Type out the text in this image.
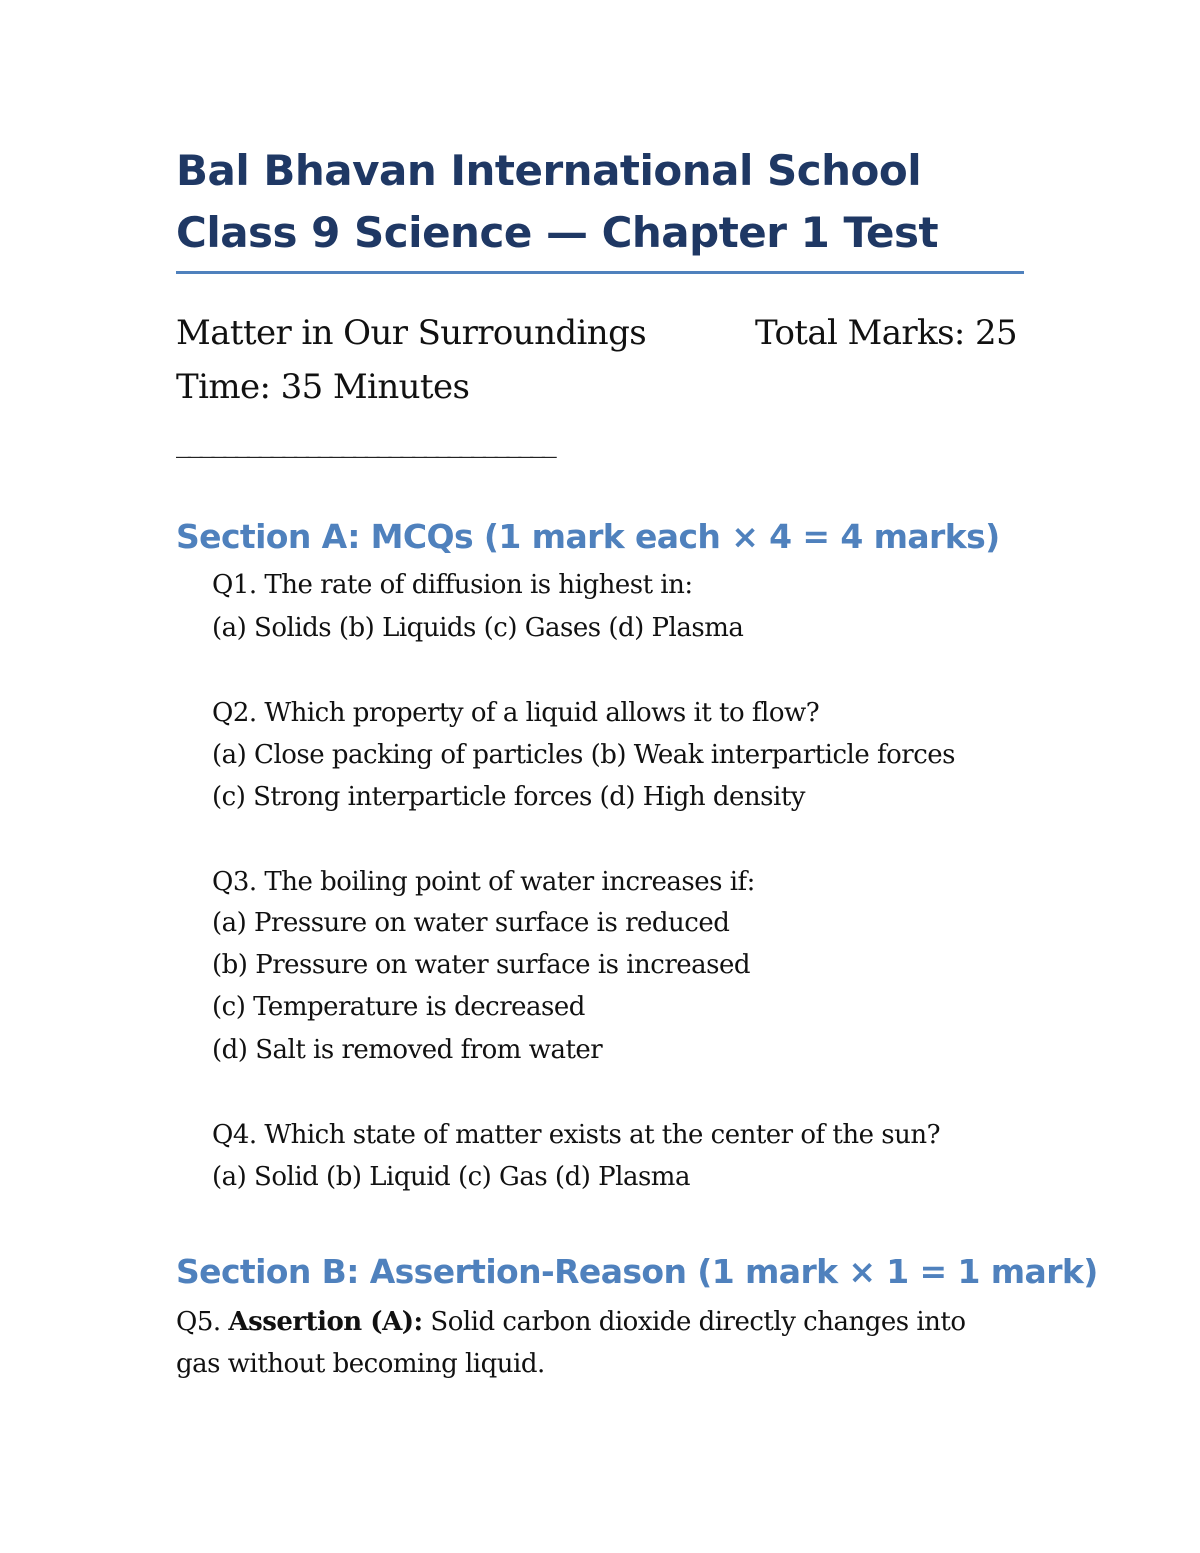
Bal Bhavan International School
Class 9 Science — Chapter 1 Test
Matter in Our Surroundings	Total Marks: 25
Time: 35 Minutes
________________________________
Section A: MCQs (1 mark each × 4 = 4 marks)
Q1. The rate of diffusion is highest in:
(a) Solids (b) Liquids (c) Gases (d) Plasma
Q2. Which property of a liquid allows it to flow?
(a) Close packing of particles (b) Weak interparticle forces
(c) Strong interparticle forces (d) High density
Q3. The boiling point of water increases if:
(a) Pressure on water surface is reduced
(b) Pressure on water surface is increased
(c) Temperature is decreased
(d) Salt is removed from water
Q4. Which state of matter exists at the center of the sun?
(a) Solid (b) Liquid (c) Gas (d) Plasma
Section B: Assertion-Reason (1 mark × 1 = 1 mark)
Q5. Assertion (A): Solid carbon dioxide directly changes into
gas without becoming liquid.
